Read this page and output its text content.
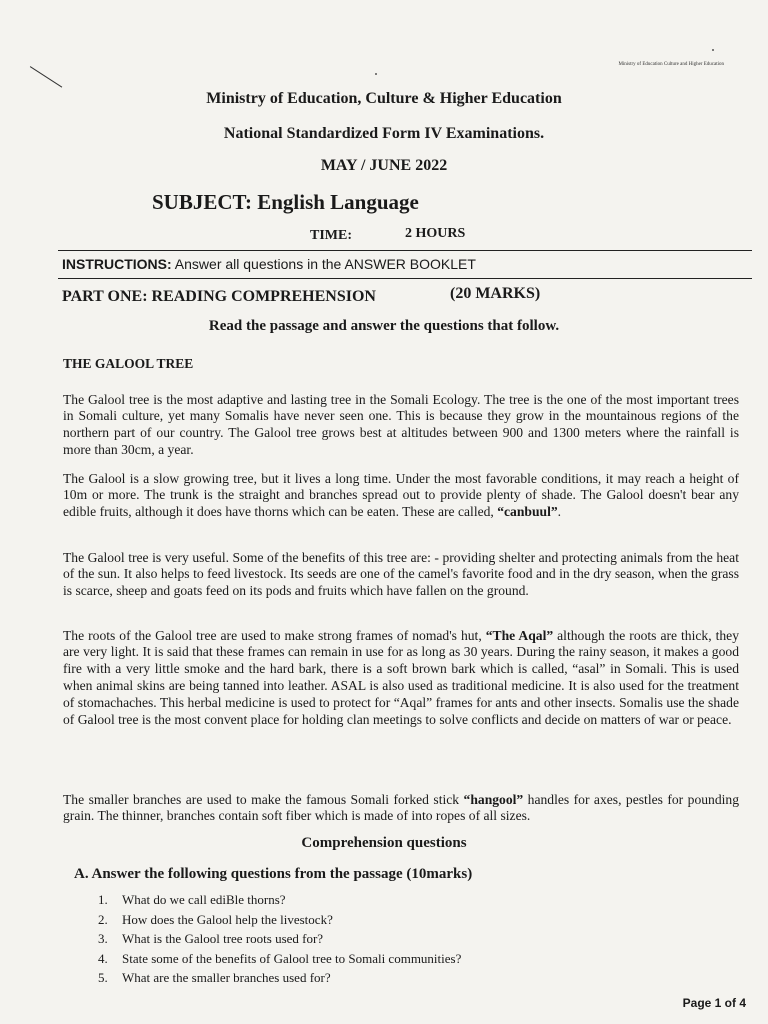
Ministry of Education Culture and Higher Education
Ministry of Education, Culture & Higher Education
National Standardized Form IV Examinations.
MAY / JUNE 2022
SUBJECT: English Language
TIME:	2 HOURS
INSTRUCTIONS: Answer all questions in the ANSWER BOOKLET
PART ONE: READING COMPREHENSION	(20 MARKS)
Read the passage and answer the questions that follow.
THE GALOOL TREE

The Galool tree is the most adaptive and lasting tree in the Somali Ecology. The tree is the one of the most important trees in Somali culture, yet many Somalis have never seen one. This is because they grow in the mountainous regions of the northern part of our country. The Galool tree grows best at altitudes between 900 and 1300 meters where the rainfall is more than 30cm, a year.

The Galool is a slow growing tree, but it lives a long time. Under the most favorable conditions, it may reach a height of 10m or more. The trunk is the straight and branches spread out to provide plenty of shade. The Galool doesn't bear any edible fruits, although it does have thorns which can be eaten. These are called, “canbuul”.

The Galool tree is very useful. Some of the benefits of this tree are: - providing shelter and protecting animals from the heat of the sun. It also helps to feed livestock. Its seeds are one of the camel's favorite food and in the dry season, when the grass is scarce, sheep and goats feed on its pods and fruits which have fallen on the ground.

The roots of the Galool tree are used to make strong frames of nomad's hut, “The Aqal” although the roots are thick, they are very light. It is said that these frames can remain in use for as long as 30 years. During the rainy season, it makes a good fire with a very little smoke and the hard bark, there is a soft brown bark which is called, “asal” in Somali. This is used when animal skins are being tanned into leather. ASAL is also used as traditional medicine. It is also used for the treatment of stomachaches. This herbal medicine is used to protect for “Aqal” frames for ants and other insects. Somalis use the shade of Galool tree is the most convent place for holding clan meetings to solve conflicts and decide on matters of war or peace.

The smaller branches are used to make the famous Somali forked stick “hangool” handles for axes, pestles for pounding grain. The thinner, branches contain soft fiber which is made of into ropes of all sizes.

Comprehension questions
A. Answer the following questions from the passage (10marks)
1. What do we call ediBle thorns?
2. How does the Galool help the livestock?
3. What is the Galool tree roots used for?
4. State some of the benefits of Galool tree to Somali communities?
5. What are the smaller branches used for?
Page 1 of 4
